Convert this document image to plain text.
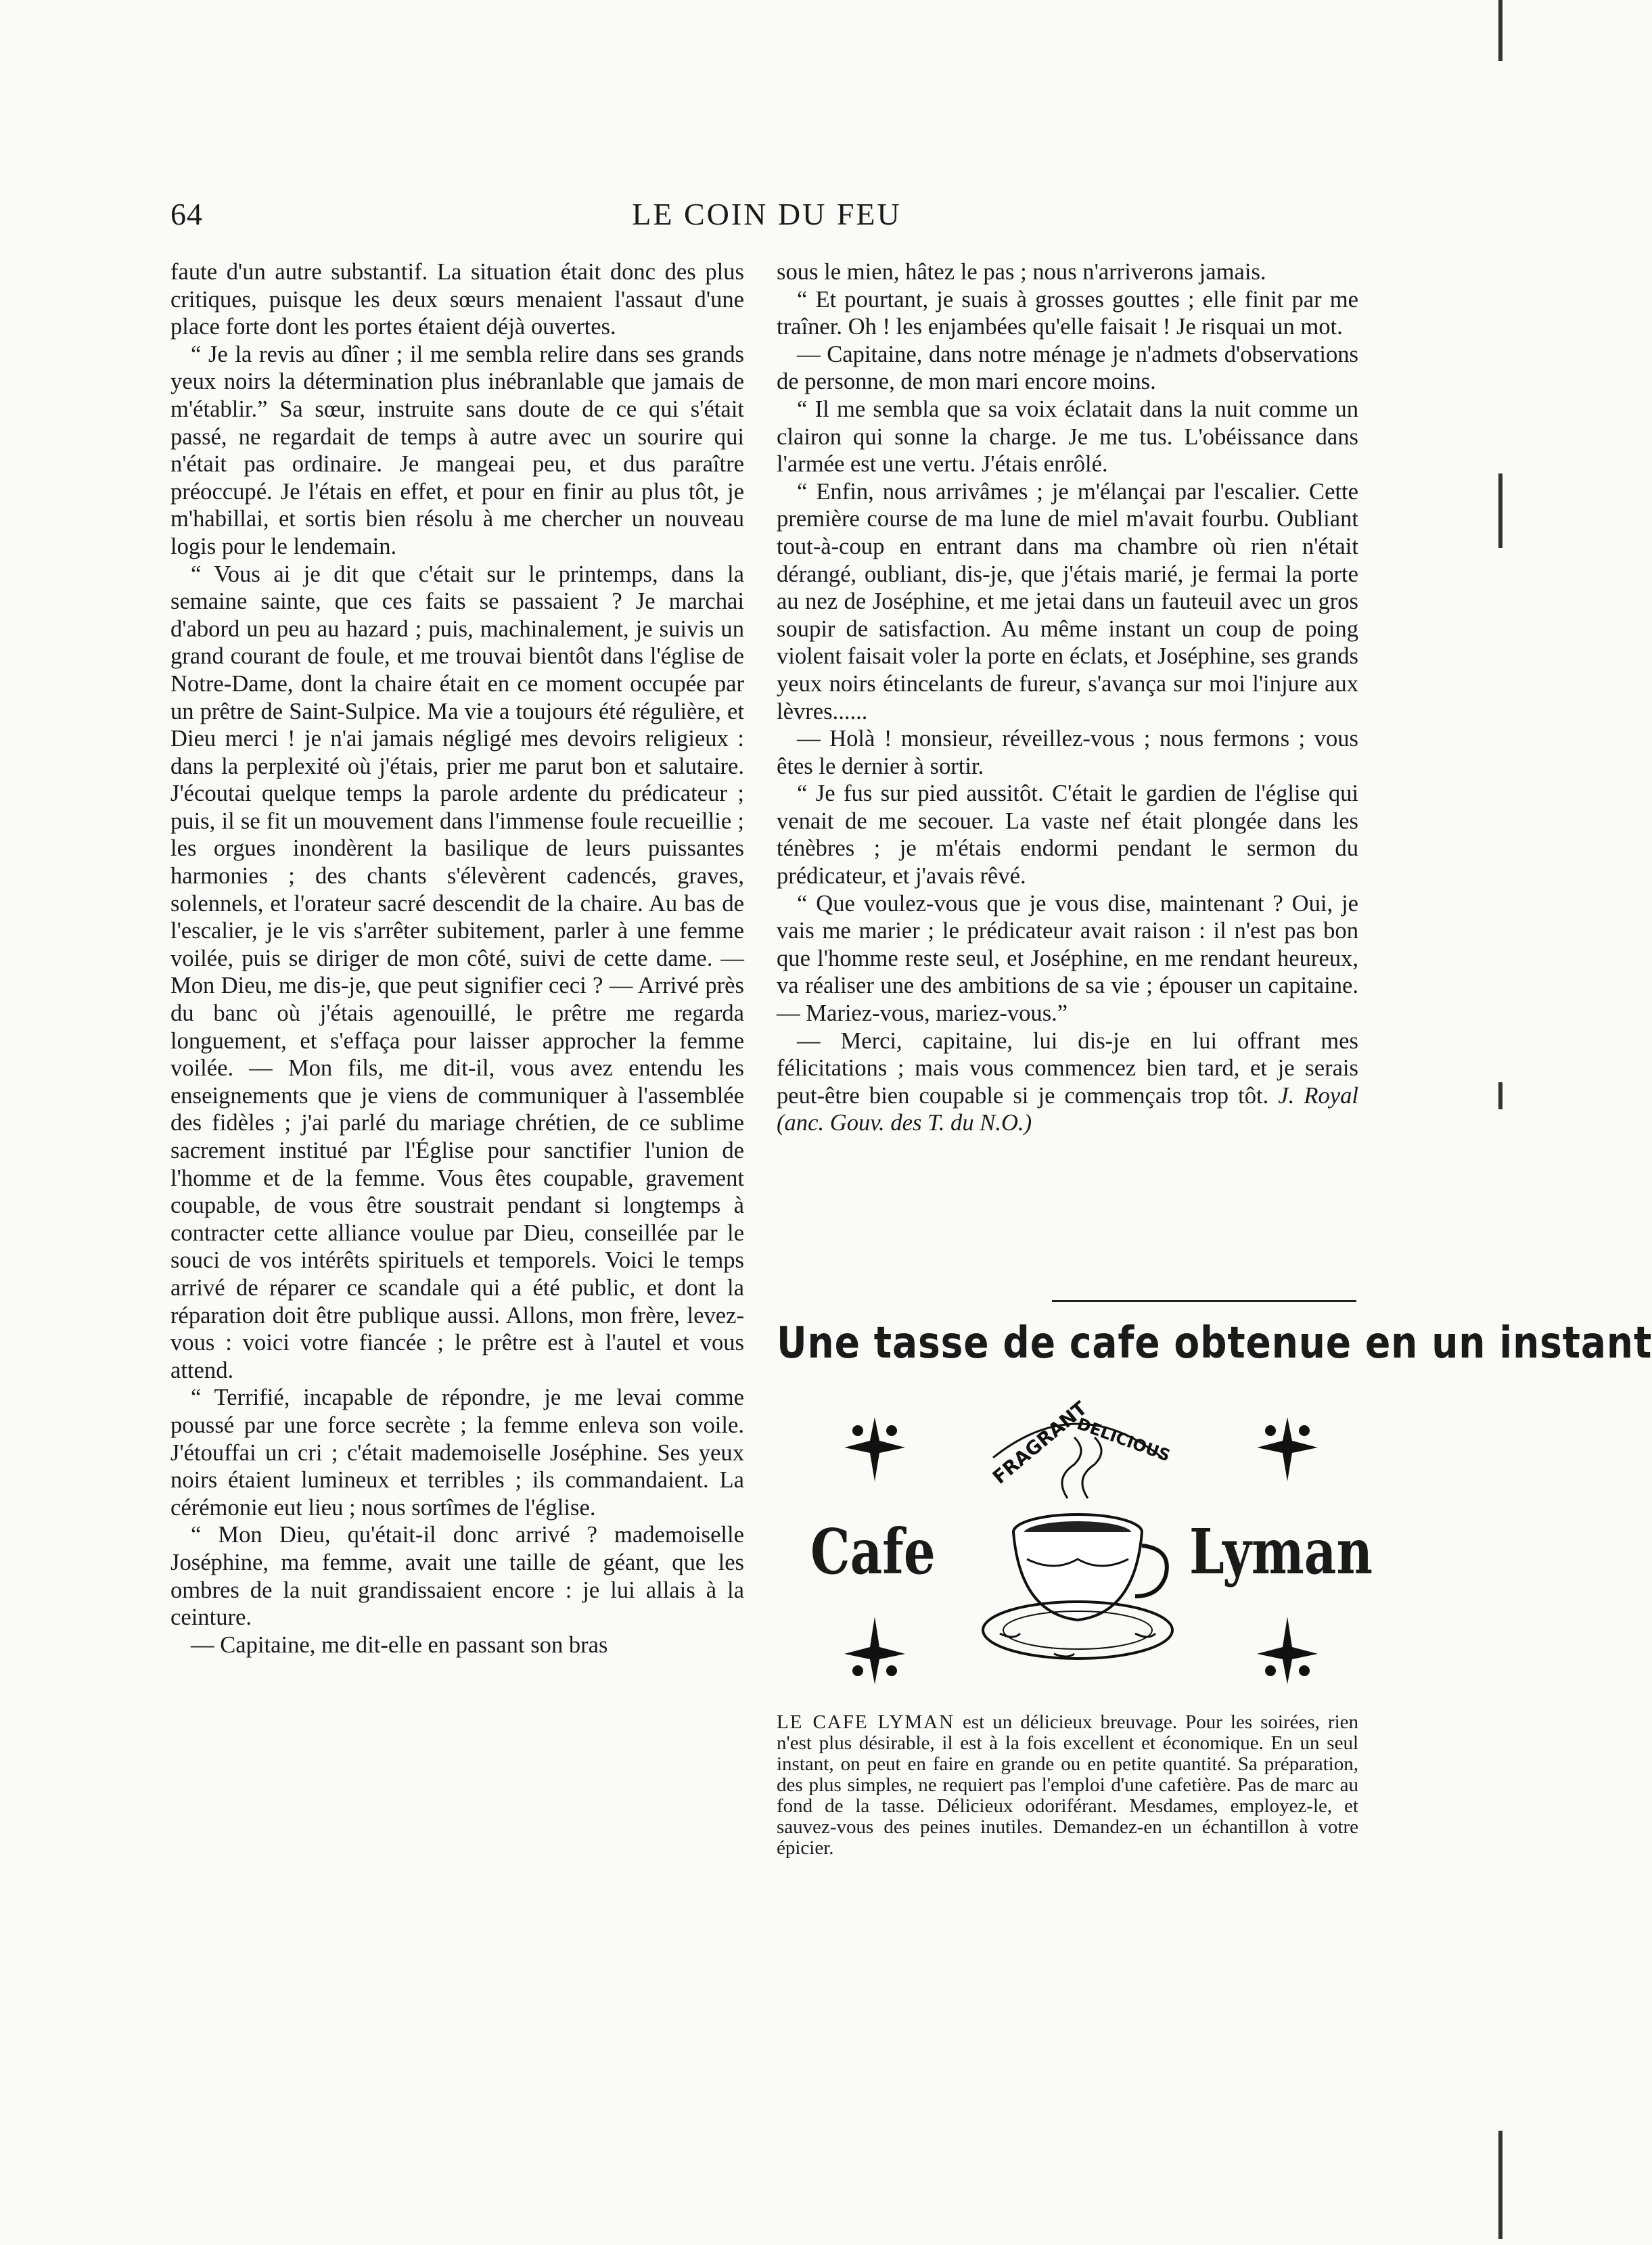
64	LE COIN DU FEU

faute d'un autre substantif. La situation était donc des plus critiques, puisque les deux sœurs menaient l'assaut d'une place forte dont les portes étaient déjà ouvertes.

“ Je la revis au dîner ; il me sembla relire dans ses grands yeux noirs la détermination plus inébranlable que jamais de m'établir.” Sa sœur, instruite sans doute de ce qui s'était passé, ne regardait de temps à autre avec un sourire qui n'était pas ordinaire. Je mangeai peu, et dus paraître préoccupé. Je l'étais en effet, et pour en finir au plus tôt, je m'habillai, et sortis bien résolu à me chercher un nouveau logis pour le lendemain.

“ Vous ai je dit que c'était sur le printemps, dans la semaine sainte, que ces faits se passaient ? Je marchai d'abord un peu au hazard ; puis, machinalement, je suivis un grand courant de foule, et me trouvai bientôt dans l'église de Notre-Dame, dont la chaire était en ce moment occupée par un prêtre de Saint-Sulpice. Ma vie a toujours été régulière, et Dieu merci ! je n'ai jamais négligé mes devoirs religieux : dans la perplexité où j'étais, prier me parut bon et salutaire. J'écoutai quelque temps la parole ardente du prédicateur ; puis, il se fit un mouvement dans l'immense foule recueillie ; les orgues inondèrent la basilique de leurs puissantes harmonies ; des chants s'élevèrent cadencés, graves, solennels, et l'orateur sacré descendit de la chaire. Au bas de l'escalier, je le vis s'arrêter subitement, parler à une femme voilée, puis se diriger de mon côté, suivi de cette dame. — Mon Dieu, me dis-je, que peut signifier ceci ? — Arrivé près du banc où j'étais agenouillé, le prêtre me regarda longuement, et s'effaça pour laisser approcher la femme voilée. — Mon fils, me dit-il, vous avez entendu les enseignements que je viens de communiquer à l'assemblée des fidèles ; j'ai parlé du mariage chrétien, de ce sublime sacrement institué par l'Église pour sanctifier l'union de l'homme et de la femme. Vous êtes coupable, gravement coupable, de vous être soustrait pendant si longtemps à contracter cette alliance voulue par Dieu, conseillée par le souci de vos intérêts spirituels et temporels. Voici le temps arrivé de réparer ce scandale qui a été public, et dont la réparation doit être publique aussi. Allons, mon frère, levez-vous : voici votre fiancée ; le prêtre est à l'autel et vous attend.

“ Terrifié, incapable de répondre, je me levai comme poussé par une force secrète ; la femme enleva son voile. J'étouffai un cri ; c'était mademoiselle Joséphine. Ses yeux noirs étaient lumineux et terribles ; ils commandaient. La cérémonie eut lieu ; nous sortîmes de l'église.

“ Mon Dieu, qu'était-il donc arrivé ? mademoiselle Joséphine, ma femme, avait une taille de géant, que les ombres de la nuit grandissaient encore : je lui allais à la ceinture.

— Capitaine, me dit-elle en passant son bras

sous le mien, hâtez le pas ; nous n'arriverons jamais.

“ Et pourtant, je suais à grosses gouttes ; elle finit par me traîner. Oh ! les enjambées qu'elle faisait ! Je risquai un mot.

— Capitaine, dans notre ménage je n'admets d'observations de personne, de mon mari encore moins.

“ Il me sembla que sa voix éclatait dans la nuit comme un clairon qui sonne la charge. Je me tus. L'obéissance dans l'armée est une vertu. J'étais enrôlé.

“ Enfin, nous arrivâmes ; je m'élançai par l'escalier. Cette première course de ma lune de miel m'avait fourbu. Oubliant tout-à-coup en entrant dans ma chambre où rien n'était dérangé, oubliant, dis-je, que j'étais marié, je fermai la porte au nez de Joséphine, et me jetai dans un fauteuil avec un gros soupir de satisfaction. Au même instant un coup de poing violent faisait voler la porte en éclats, et Joséphine, ses grands yeux noirs étincelants de fureur, s'avança sur moi l'injure aux lèvres......

— Holà ! monsieur, réveillez-vous ; nous fermons ; vous êtes le dernier à sortir.

“ Je fus sur pied aussitôt. C'était le gardien de l'église qui venait de me secouer. La vaste nef était plongée dans les ténèbres ; je m'étais endormi pendant le sermon du prédicateur, et j'avais rêvé.

“ Que voulez-vous que je vous dise, maintenant ? Oui, je vais me marier ; le prédicateur avait raison : il n'est pas bon que l'homme reste seul, et Joséphine, en me rendant heureux, va réaliser une des ambitions de sa vie ; épouser un capitaine. — Mariez-vous, mariez-vous.”

— Merci, capitaine, lui dis-je en lui offrant mes félicitations ; mais vous commencez bien tard, et je serais peut-être bien coupable si je commençais trop tôt. J. Royal (anc. Gouv. des T. du N.O.)

Une tasse de cafe obtenue en un instant
Cafe	Lyman
FRAGRANT
DELICIOUS
LE CAFE LYMAN est un délicieux breuvage. Pour les soirées, rien n'est plus désirable, il est à la fois excellent et économique. En un seul instant, on peut en faire en grande ou en petite quantité. Sa préparation, des plus simples, ne requiert pas l'emploi d'une cafetière. Pas de marc au fond de la tasse. Délicieux odoriférant. Mesdames, employez-le, et sauvez-vous des peines inutiles. Demandez-en un échantillon à votre épicier.
